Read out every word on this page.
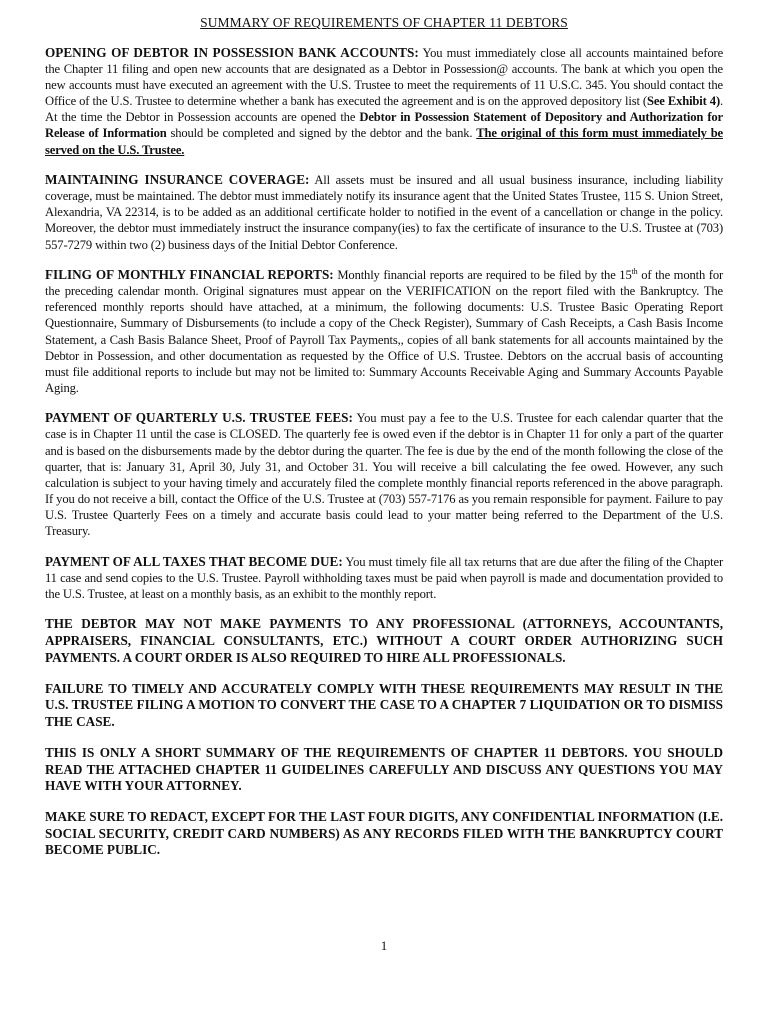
SUMMARY OF REQUIREMENTS OF CHAPTER 11 DEBTORS

OPENING OF DEBTOR IN POSSESSION BANK ACCOUNTS: You must immediately close all accounts maintained before the Chapter 11 filing and open new accounts that are designated as a Debtor in Possession@ accounts. The bank at which you open the new accounts must have executed an agreement with the U.S. Trustee to meet the requirements of 11 U.S.C. 345. You should contact the Office of the U.S. Trustee to determine whether a bank has executed the agreement and is on the approved depository list (See Exhibit 4). At the time the Debtor in Possession accounts are opened the Debtor in Possession Statement of Depository and Authorization for Release of Information should be completed and signed by the debtor and the bank. The original of this form must immediately be served on the U.S. Trustee.

MAINTAINING INSURANCE COVERAGE: All assets must be insured and all usual business insurance, including liability coverage, must be maintained. The debtor must immediately notify its insurance agent that the United States Trustee, 115 S. Union Street, Alexandria, VA 22314, is to be added as an additional certificate holder to notified in the event of a cancellation or change in the policy. Moreover, the debtor must immediately instruct the insurance company(ies) to fax the certificate of insurance to the U.S. Trustee at (703) 557-7279 within two (2) business days of the Initial Debtor Conference.

FILING OF MONTHLY FINANCIAL REPORTS: Monthly financial reports are required to be filed by the 15th of the month for the preceding calendar month. Original signatures must appear on the VERIFICATION on the report filed with the Bankruptcy. The referenced monthly reports should have attached, at a minimum, the following documents: U.S. Trustee Basic Operating Report Questionnaire, Summary of Disbursements (to include a copy of the Check Register), Summary of Cash Receipts, a Cash Basis Income Statement, a Cash Basis Balance Sheet, Proof of Payroll Tax Payments,, copies of all bank statements for all accounts maintained by the Debtor in Possession, and other documentation as requested by the Office of U.S. Trustee. Debtors on the accrual basis of accounting must file additional reports to include but may not be limited to: Summary Accounts Receivable Aging and Summary Accounts Payable Aging.

PAYMENT OF QUARTERLY U.S. TRUSTEE FEES: You must pay a fee to the U.S. Trustee for each calendar quarter that the case is in Chapter 11 until the case is CLOSED. The quarterly fee is owed even if the debtor is in Chapter 11 for only a part of the quarter and is based on the disbursements made by the debtor during the quarter. The fee is due by the end of the month following the close of the quarter, that is: January 31, April 30, July 31, and October 31. You will receive a bill calculating the fee owed. However, any such calculation is subject to your having timely and accurately filed the complete monthly financial reports referenced in the above paragraph. If you do not receive a bill, contact the Office of the U.S. Trustee at (703) 557-7176 as you remain responsible for payment. Failure to pay U.S. Trustee Quarterly Fees on a timely and accurate basis could lead to your matter being referred to the Department of the U.S. Treasury.

PAYMENT OF ALL TAXES THAT BECOME DUE: You must timely file all tax returns that are due after the filing of the Chapter 11 case and send copies to the U.S. Trustee. Payroll withholding taxes must be paid when payroll is made and documentation provided to the U.S. Trustee, at least on a monthly basis, as an exhibit to the monthly report.

THE DEBTOR MAY NOT MAKE PAYMENTS TO ANY PROFESSIONAL (ATTORNEYS, ACCOUNTANTS, APPRAISERS, FINANCIAL CONSULTANTS, ETC.) WITHOUT A COURT ORDER AUTHORIZING SUCH PAYMENTS. A COURT ORDER IS ALSO REQUIRED TO HIRE ALL PROFESSIONALS.

FAILURE TO TIMELY AND ACCURATELY COMPLY WITH THESE REQUIREMENTS MAY RESULT IN THE U.S. TRUSTEE FILING A MOTION TO CONVERT THE CASE TO A CHAPTER 7 LIQUIDATION OR TO DISMISS THE CASE.

THIS IS ONLY A SHORT SUMMARY OF THE REQUIREMENTS OF CHAPTER 11 DEBTORS. YOU SHOULD READ THE ATTACHED CHAPTER 11 GUIDELINES CAREFULLY AND DISCUSS ANY QUESTIONS YOU MAY HAVE WITH YOUR ATTORNEY.

MAKE SURE TO REDACT, EXCEPT FOR THE LAST FOUR DIGITS, ANY CONFIDENTIAL INFORMATION (I.E. SOCIAL SECURITY, CREDIT CARD NUMBERS) AS ANY RECORDS FILED WITH THE BANKRUPTCY COURT BECOME PUBLIC.

1
